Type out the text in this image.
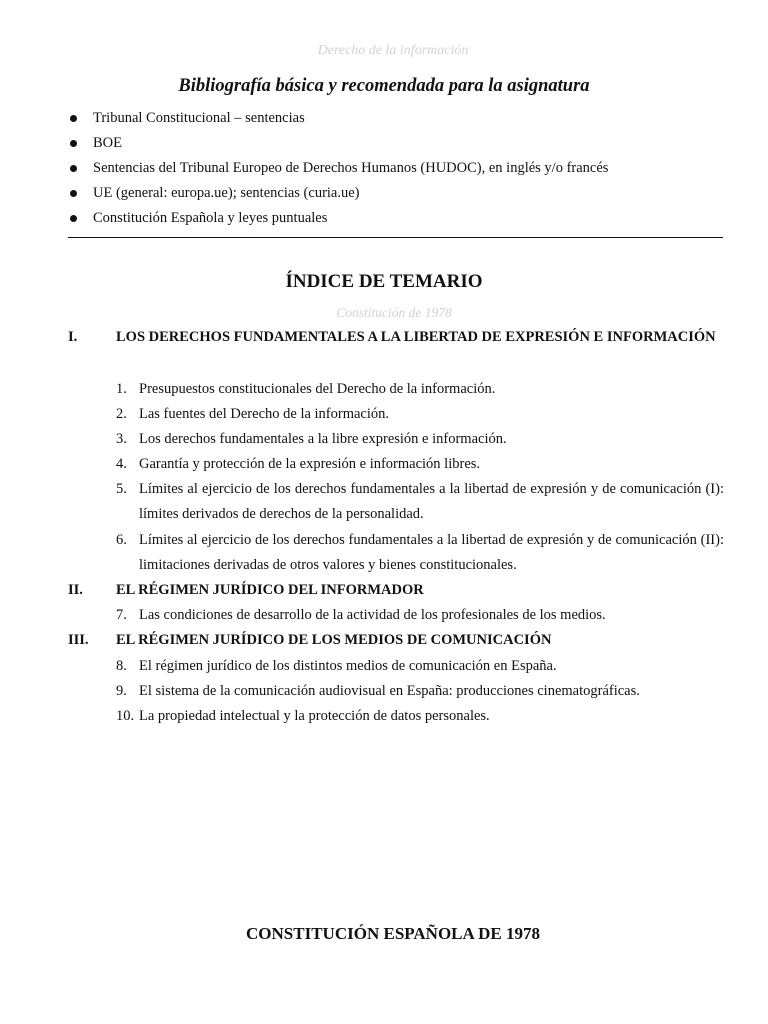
Derecho de la información
Bibliografía básica y recomendada para la asignatura
Tribunal Constitucional – sentencias
BOE
Sentencias del Tribunal Europeo de Derechos Humanos (HUDOC), en inglés y/o francés
UE (general: europa.ue); sentencias (curia.ue)
Constitución Española y leyes puntuales
ÍNDICE DE TEMARIO
Constitución de 1978
I.	LOS DERECHOS FUNDAMENTALES A LA LIBERTAD DE EXPRESIÓN E INFORMACIÓN
1. Presupuestos constitucionales del Derecho de la información.
2. Las fuentes del Derecho de la información.
3. Los derechos fundamentales a la libre expresión e información.
4. Garantía y protección de la expresión e información libres.
5. Límites al ejercicio de los derechos fundamentales a la libertad de expresión y de comunicación (I): límites derivados de derechos de la personalidad.
6. Límites al ejercicio de los derechos fundamentales a la libertad de expresión y de comunicación (II): limitaciones derivadas de otros valores y bienes constitucionales.
II. EL RÉGIMEN JURÍDICO DEL INFORMADOR
7. Las condiciones de desarrollo de la actividad de los profesionales de los medios.
III. EL RÉGIMEN JURÍDICO DE LOS MEDIOS DE COMUNICACIÓN
8. El régimen jurídico de los distintos medios de comunicación en España.
9. El sistema de la comunicación audiovisual en España: producciones cinematográficas.
10. La propiedad intelectual y la protección de datos personales.
CONSTITUCIÓN ESPAÑOLA DE 1978
